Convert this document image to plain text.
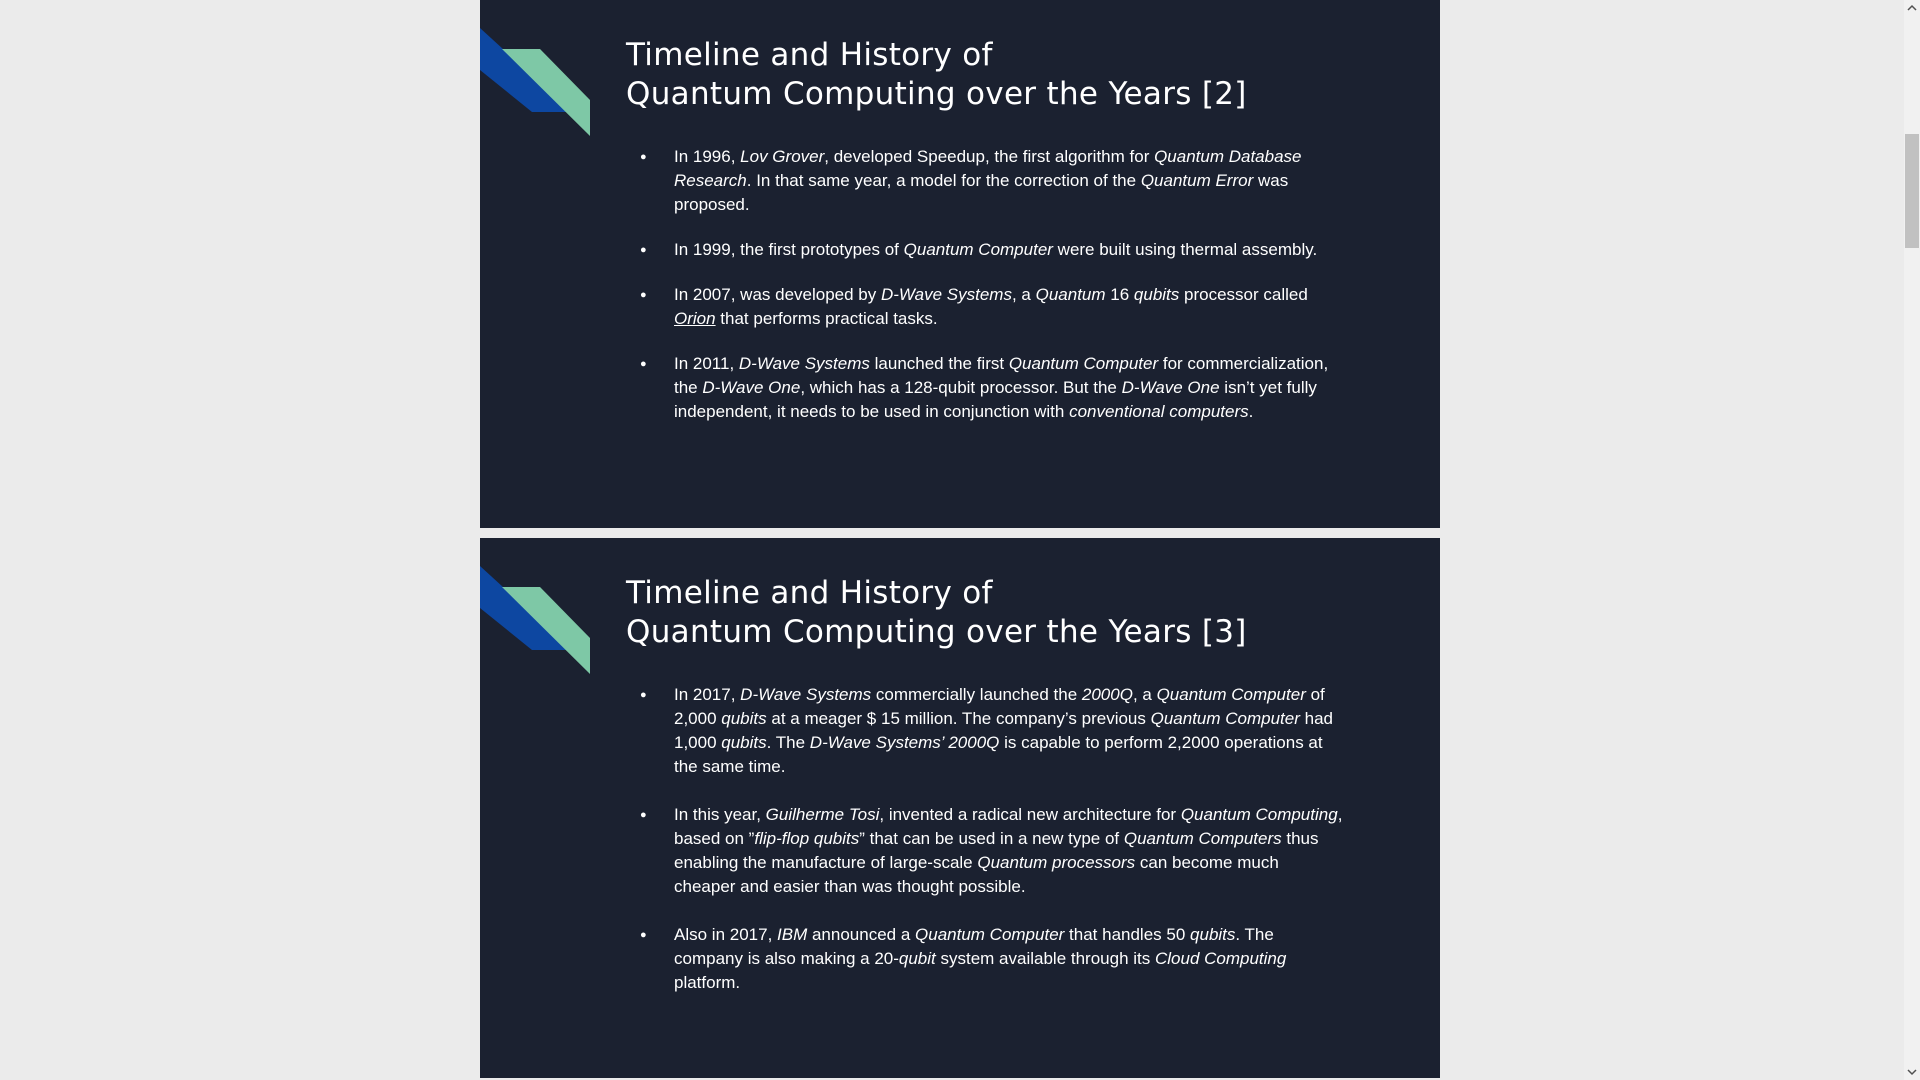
Timeline and History of
Quantum Computing over the Years [2]
● In 1996, Lov Grover, developed Speedup, the first algorithm for Quantum Database Research. In that same year, a model for the correction of the Quantum Error was proposed.
● In 1999, the first prototypes of Quantum Computer were built using thermal assembly.
● In 2007, was developed by D-Wave Systems, a Quantum 16 qubits processor called Orion that performs practical tasks.
● In 2011, D-Wave Systems launched the first Quantum Computer for commercialization, the D-Wave One, which has a 128-qubit processor. But the D-Wave One isn’t yet fully independent, it needs to be used in conjunction with conventional computers.
Timeline and History of
Quantum Computing over the Years [3]
● In 2017, D-Wave Systems commercially launched the 2000Q, a Quantum Computer of 2,000 qubits at a meager $ 15 million. The company’s previous Quantum Computer had 1,000 qubits. The D-Wave Systems’ 2000Q is capable to perform 2,2000 operations at the same time.
● In this year, Guilherme Tosi, invented a radical new architecture for Quantum Computing, based on ”flip-flop qubits” that can be used in a new type of Quantum Computers thus enabling the manufacture of large-scale Quantum processors can become much cheaper and easier than was thought possible.
● Also in 2017, IBM announced a Quantum Computer that handles 50 qubits. The company is also making a 20-qubit system available through its Cloud Computing platform.
